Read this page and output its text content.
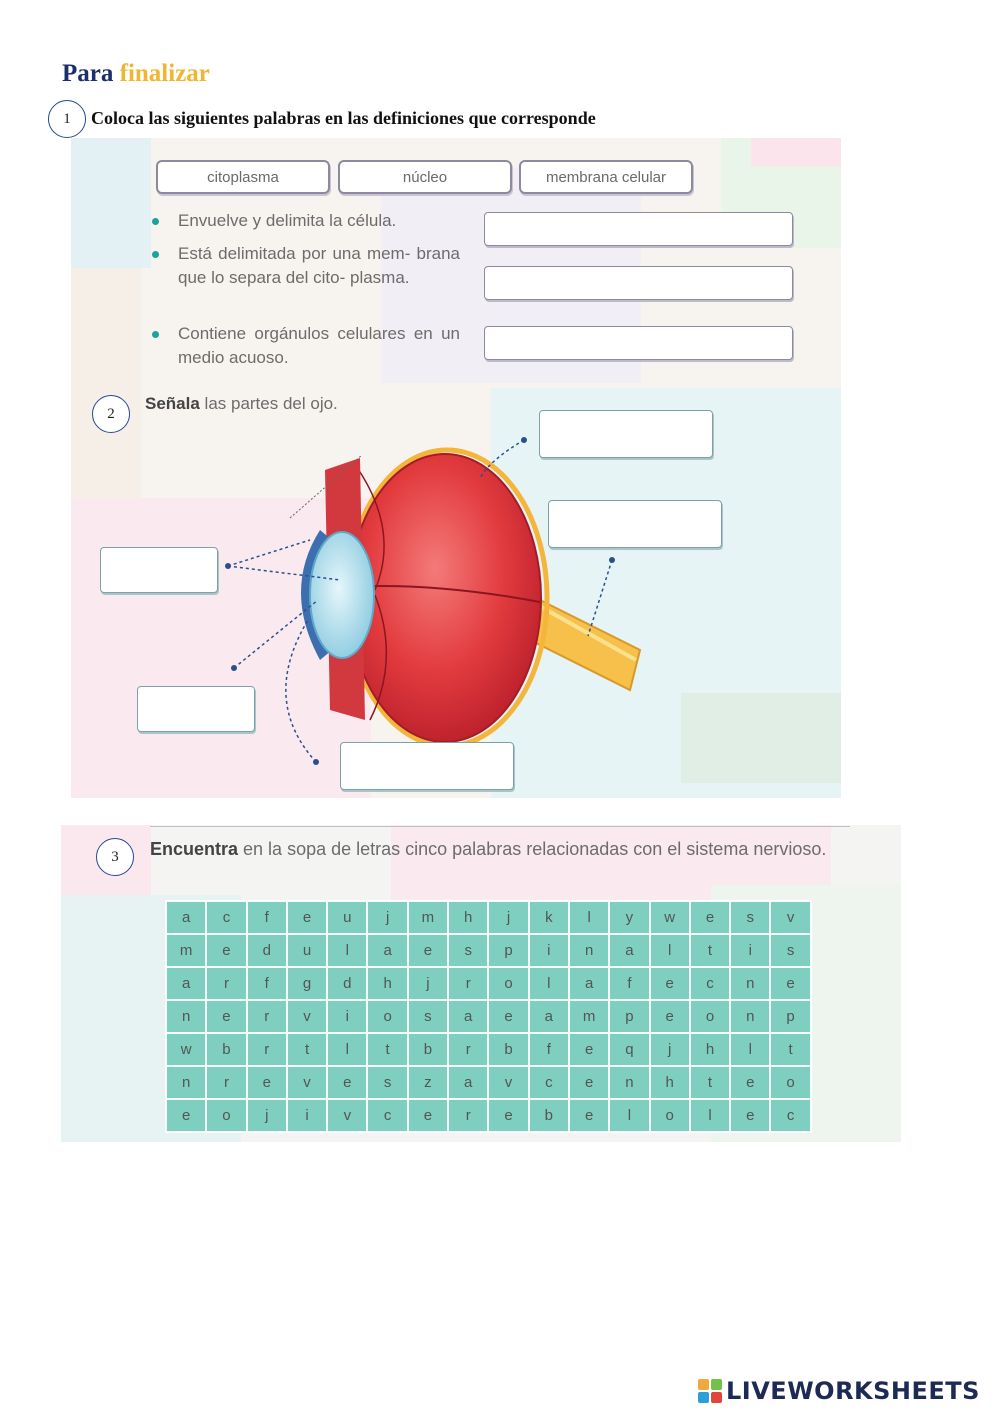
Para finalizar
1	Coloca las siguientes palabras en las definiciones que corresponde
citoplasma	núcleo	membrana celular
Envuelve y delimita la célula.
Está delimitada por una mem- brana que lo separa del cito- plasma.
Contiene orgánulos celulares en un medio acuoso.
2
Señala las partes del ojo.
3	Encuentra en la sopa de letras cinco palabras relacionadas con el sistema nervioso.
a	c	f	e	u	j	m	h	j	k	l	y	w	e	s	v
m	e	d	u	l	a	e	s	p	i	n	a	l	t	i	s
a	r	f	g	d	h	j	r	o	l	a	f	e	c	n	e
n	e	r	v	i	o	s	a	e	a	m	p	e	o	n	p
w	b	r	t	l	t	b	r	b	f	e	q	j	h	l	t
n	r	e	v	e	s	z	a	v	c	e	n	h	t	e	o
e	o	j	i	v	c	e	r	e	b	e	l	o	l	e	c
LIVEWORKSHEETS
